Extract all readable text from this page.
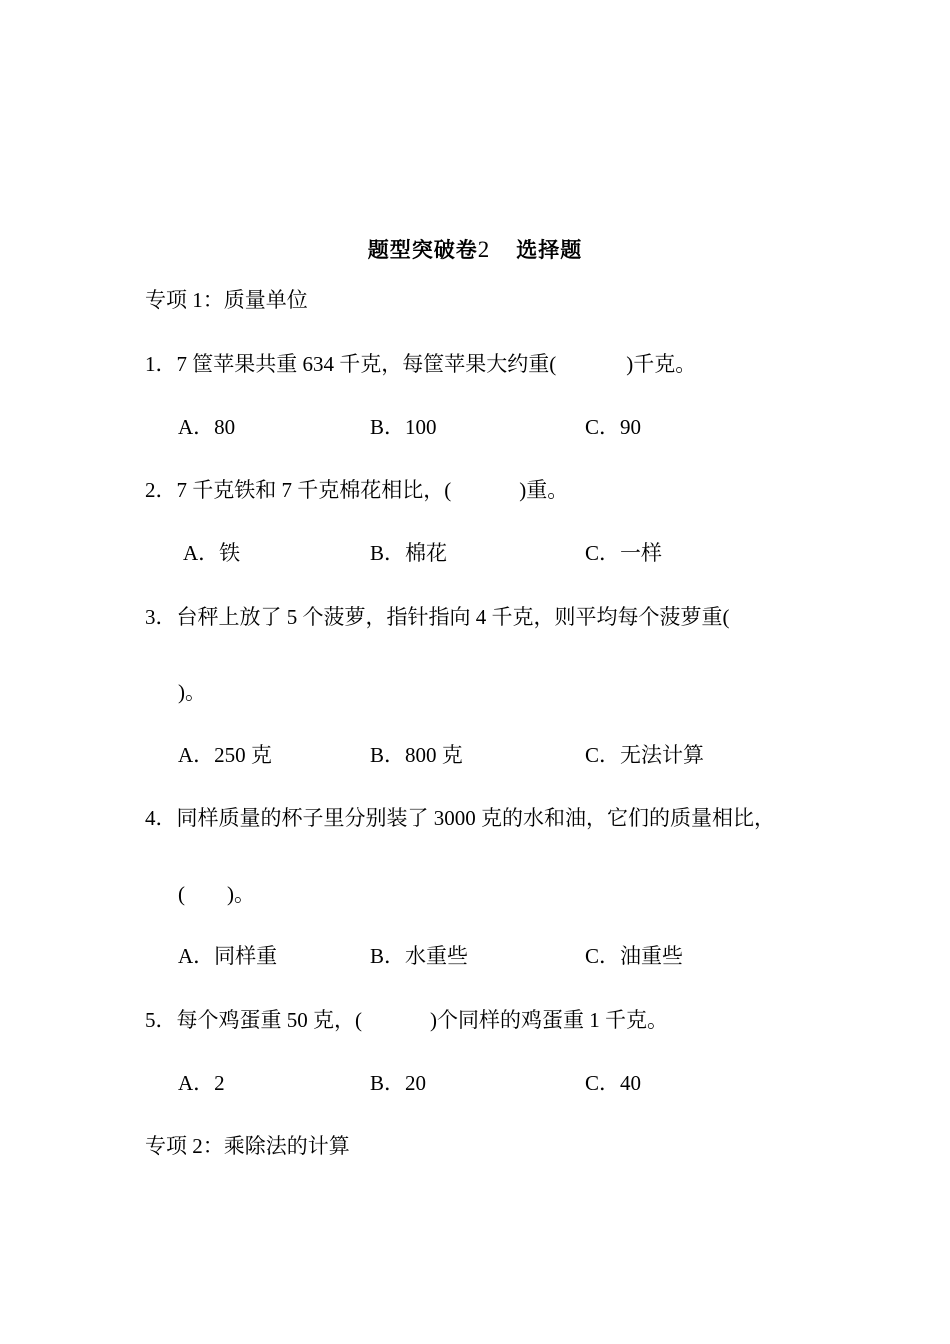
题型突破卷2 选择题
专项 1：质量单位
1．7 筐苹果共重 634 千克，每筐苹果大约重(	)千克。
A．80	B．100	C．90
2．7 千克铁和 7 千克棉花相比，(	)重。
A．铁	B．棉花	C．一样
3．台秤上放了 5 个菠萝，指针指向 4 千克，则平均每个菠萝重(
)。
A．250 克	B．800 克	C．无法计算
4．同样质量的杯子里分别装了 3000 克的水和油，它们的质量相比，
(　　)。
A．同样重	B．水重些	C．油重些
5．每个鸡蛋重 50 克，(	)个同样的鸡蛋重 1 千克。
A．2	B．20	C．40
专项 2：乘除法的计算
